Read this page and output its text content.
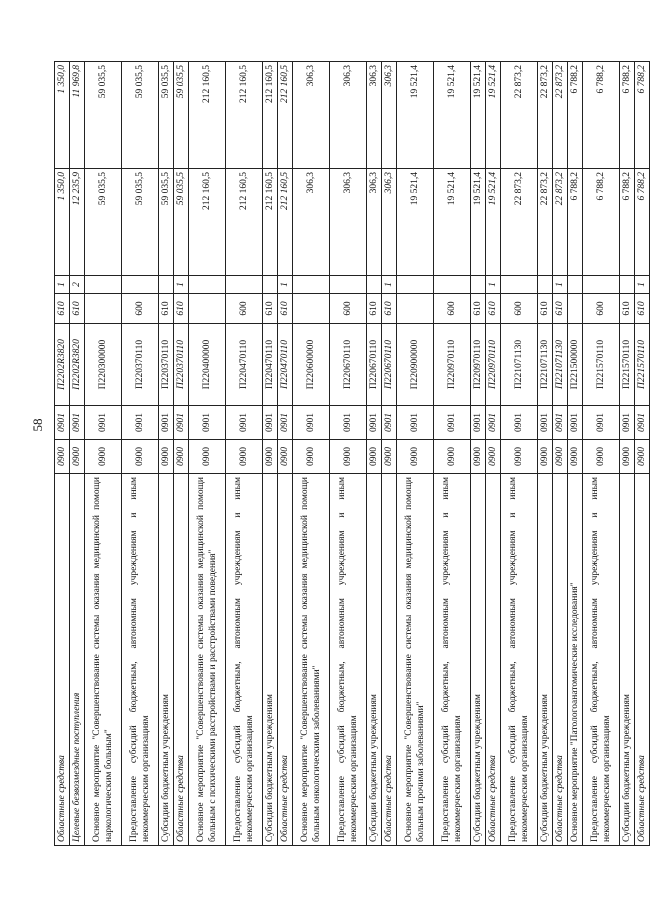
58
Областные средства	0900	0901	П2202R3820	610	1	1 350,0	1 350,0
Целевые безвозмездные поступления	0900	0901	П2202R3820	610	2	12 235,9	11 969,8
Основное мероприятие "Совершенствование системы оказания медицинской помощи наркологическим больным"	0900	0901	П220300000			59 035,5	59 035,5
Предоставление субсидий бюджетным, автономным учреждениям и иным некоммерческим организациям	0900	0901	П220370110	600		59 035,5	59 035,5
Субсидии бюджетным учреждениям	0900	0901	П220370110	610		59 035,5	59 035,5
Областные средства	0900	0901	П220370110	610	1	59 035,5	59 035,5
Основное мероприятие "Совершенствование системы оказания медицинской помощи больным с психическими расстройствами и расстройствами поведения"	0900	0901	П220400000			212 160,5	212 160,5
Предоставление субсидий бюджетным, автономным учреждениям и иным некоммерческим организациям	0900	0901	П220470110	600		212 160,5	212 160,5
Субсидии бюджетным учреждениям	0900	0901	П220470110	610		212 160,5	212 160,5
Областные средства	0900	0901	П220470110	610	1	212 160,5	212 160,5
Основное мероприятие "Совершенствование системы оказания медицинской помощи больным онкологическими заболеваниями"	0900	0901	П220600000			306,3	306,3
Предоставление субсидий бюджетным, автономным учреждениям и иным некоммерческим организациям	0900	0901	П220670110	600		306,3	306,3
Субсидии бюджетным учреждениям	0900	0901	П220670110	610		306,3	306,3
Областные средства	0900	0901	П220670110	610	1	306,3	306,3
Основное мероприятие "Совершенствование системы оказания медицинской помощи больным прочими заболеваниями"	0900	0901	П220900000			19 521,4	19 521,4
Предоставление субсидий бюджетным, автономным учреждениям и иным некоммерческим организациям	0900	0901	П220970110	600		19 521,4	19 521,4
Субсидии бюджетным учреждениям	0900	0901	П220970110	610		19 521,4	19 521,4
Областные средства	0900	0901	П220970110	610	1	19 521,4	19 521,4
Предоставление субсидий бюджетным, автономным учреждениям и иным некоммерческим организациям	0900	0901	П221071130	600		22 873,2	22 873,2
Субсидии бюджетным учреждениям	0900	0901	П221071130	610		22 873,2	22 873,2
Областные средства	0900	0901	П221071130	610	1	22 873,2	22 873,2
Основное мероприятие "Патологоанатомические исследования"	0900	0901	П221500000			6 788,2	6 788,2
Предоставление субсидий бюджетным, автономным учреждениям и иным некоммерческим организациям	0900	0901	П221570110	600		6 788,2	6 788,2
Субсидии бюджетным учреждениям	0900	0901	П221570110	610		6 788,2	6 788,2
Областные средства	0900	0901	П221570110	610	1	6 788,2	6 788,2
